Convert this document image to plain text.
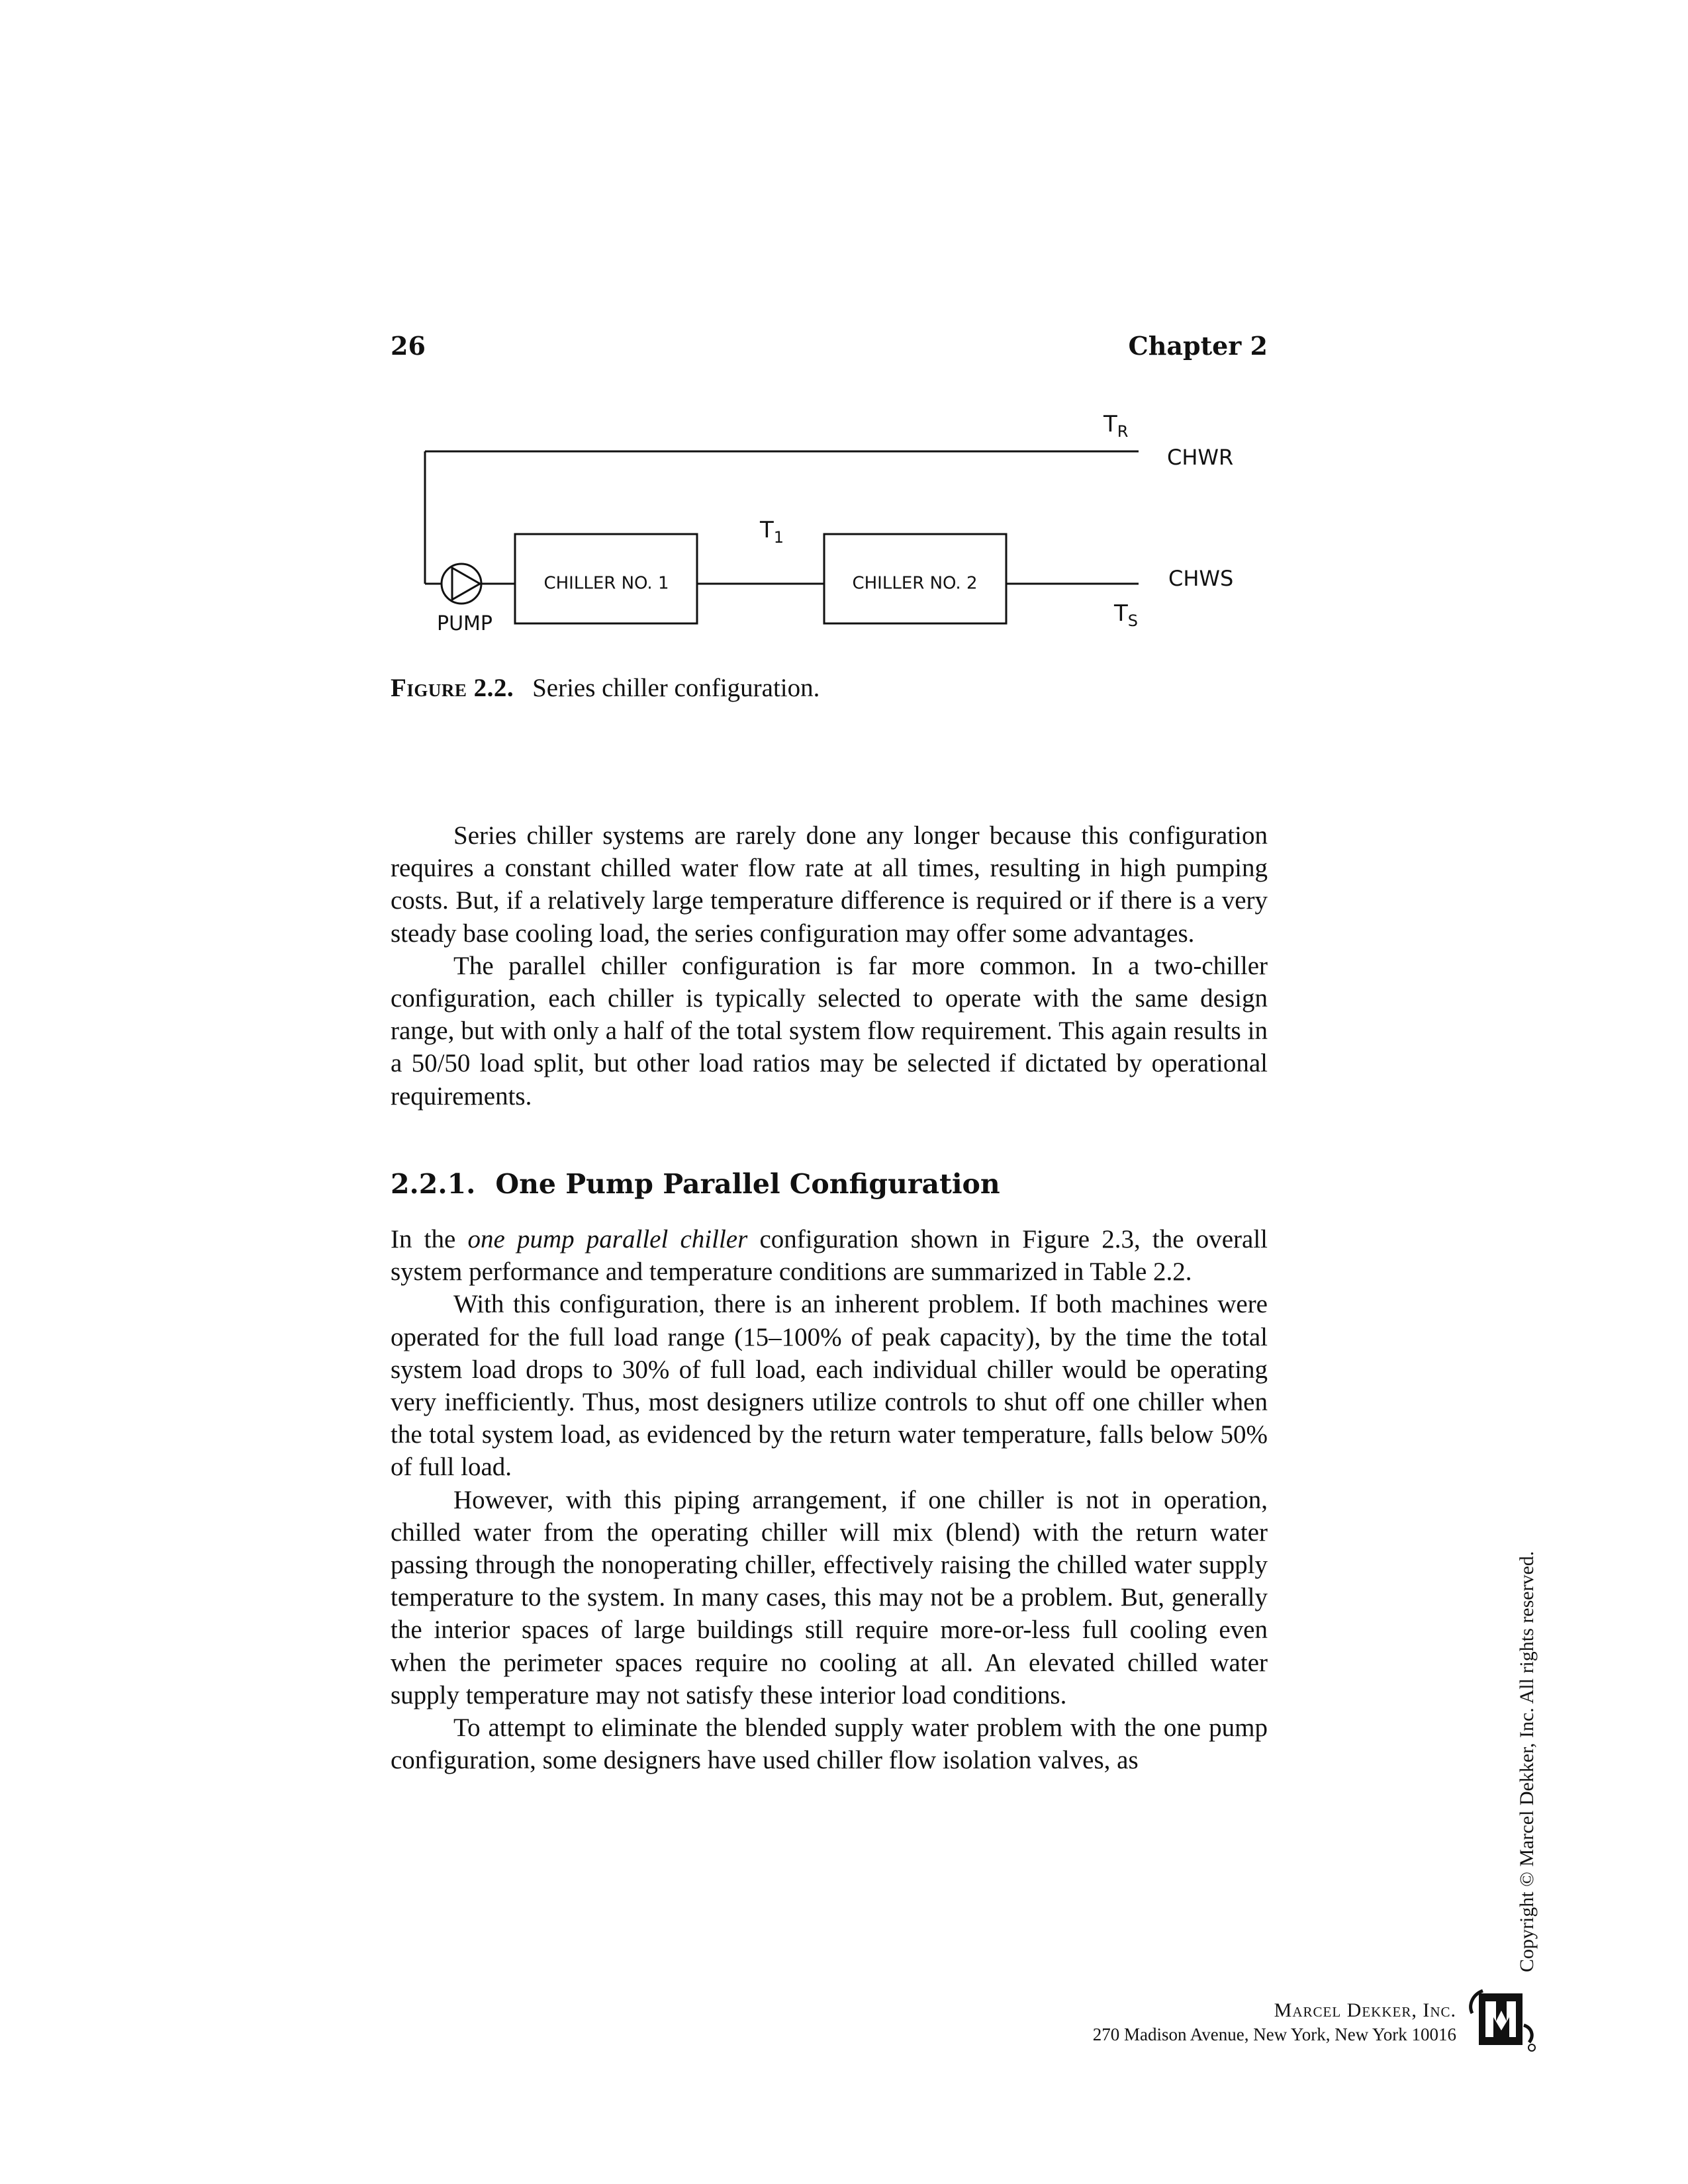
26	Chapter 2
$T_R$
CHWR
$T_1$
CHILLER NO. 1	CHILLER NO. 2	CHWS
$T_S$
PUMP
Figure 2.2. Series chiller configuration.

Series chiller systems are rarely done any longer because this configuration requires a constant chilled water flow rate at all times, resulting in high pumping costs. But, if a relatively large temperature difference is required or if there is a very steady base cooling load, the series configuration may offer some advantages.

The parallel chiller configuration is far more common. In a two-chiller configuration, each chiller is typically selected to operate with the same design range, but with only a half of the total system flow requirement. This again results in a 50/50 load split, but other load ratios may be selected if dictated by operational requirements.

2.2.1. One Pump Parallel Configuration

In the one pump parallel chiller configuration shown in Figure 2.3, the overall system performance and temperature conditions are summarized in Table 2.2.

With this configuration, there is an inherent problem. If both machines were operated for the full load range (15–100% of peak capacity), by the time the total system load drops to 30% of full load, each individual chiller would be operating very inefficiently. Thus, most designers utilize controls to shut off one chiller when the total system load, as evidenced by the return water temperature, falls below 50% of full load.

However, with this piping arrangement, if one chiller is not in operation, chilled water from the operating chiller will mix (blend) with the return water passing through the nonoperating chiller, effectively raising the chilled water supply temperature to the system. In many cases, this may not be a problem. But, generally the interior spaces of large buildings still require more-or-less full cooling even when the perimeter spaces require no cooling at all. An elevated chilled water supply temperature may not satisfy these interior load conditions.

To attempt to eliminate the blended supply water problem with the one pump configuration, some designers have used chiller flow isolation valves, as	Copyright © Marcel Dekker, Inc. All rights reserved.
Marcel Dekker, Inc.
270 Madison Avenue, New York, New York 10016
